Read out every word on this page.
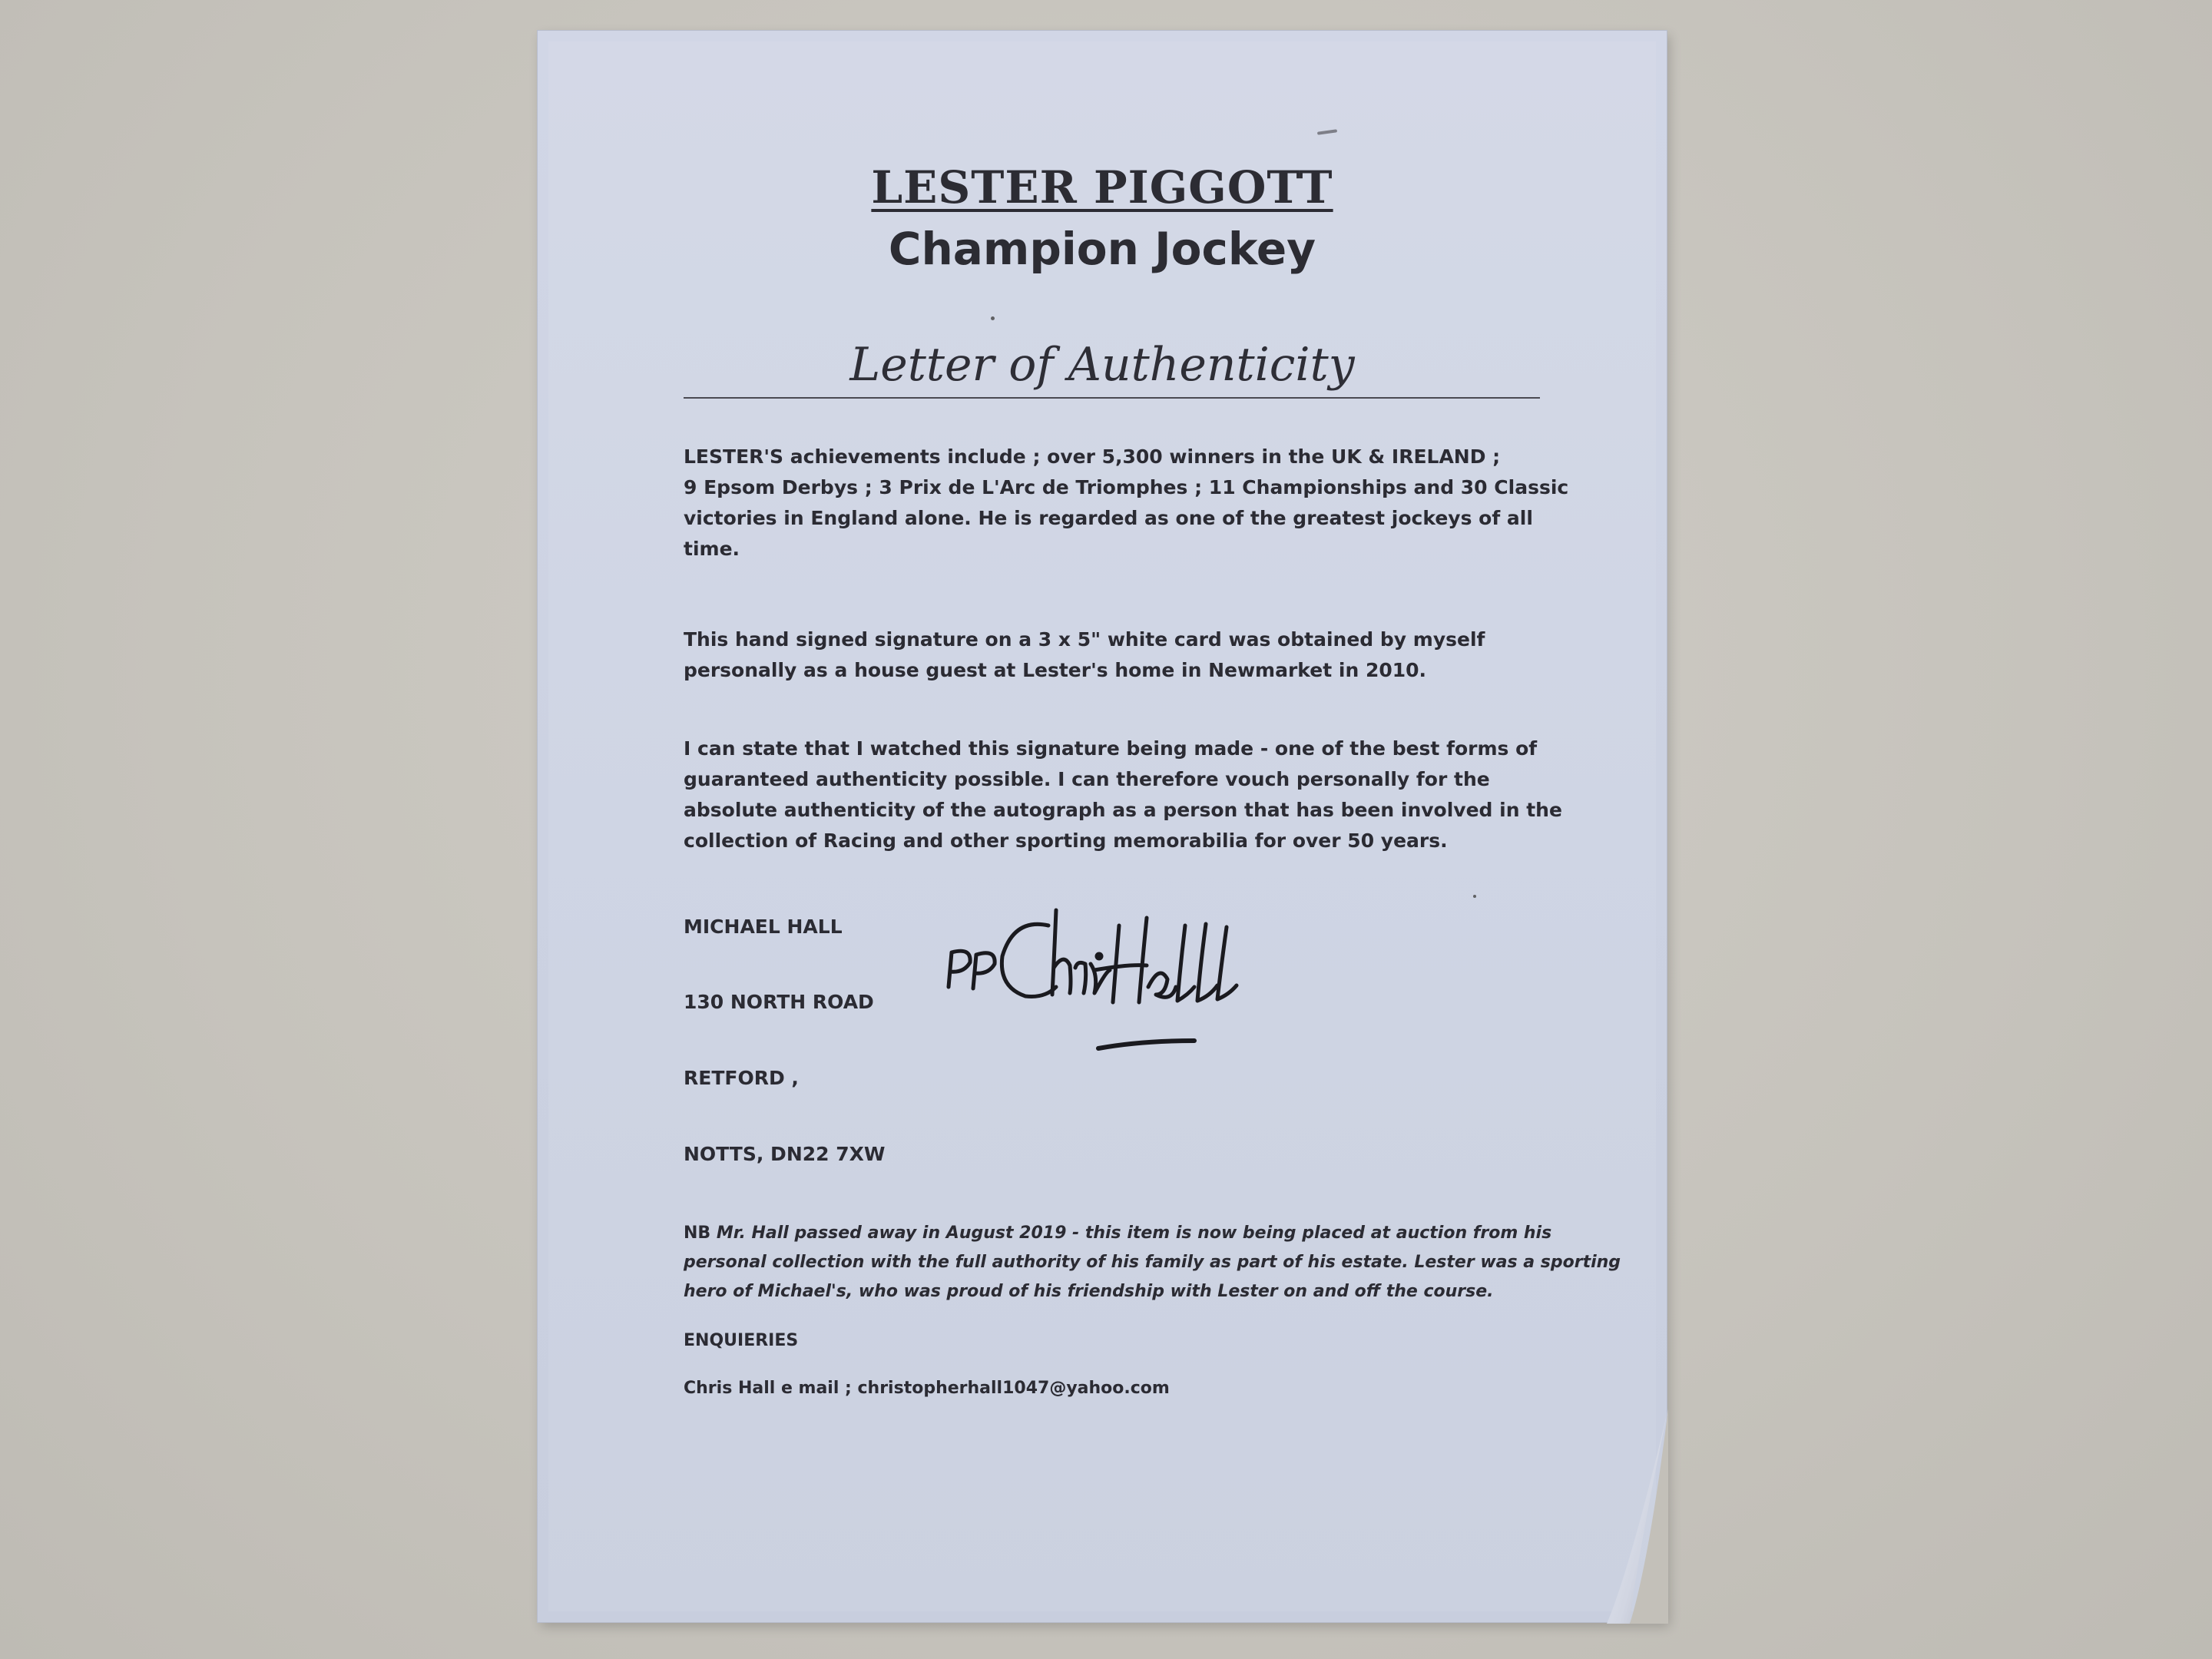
LESTER PIGGOTT
Champion Jockey
Letter of Authenticity
LESTER'S achievements include ; over 5,300 winners in the UK & IRELAND ;
9 Epsom Derbys ; 3 Prix de L'Arc de Triomphes ; 11 Championships and 30 Classic
victories in England alone. He is regarded as one of the greatest jockeys of all
time.
This hand signed signature on a 3 x 5" white card was obtained by myself
personally as a house guest at Lester's home in Newmarket in 2010.
I can state that I watched this signature being made - one of the best forms of
guaranteed authenticity possible. I can therefore vouch personally for the
absolute authenticity of the autograph as a person that has been involved in the
collection of Racing and other sporting memorabilia for over 50 years.
MICHAEL HALL
130 NORTH ROAD
RETFORD ,
NOTTS, DN22 7XW
NB Mr. Hall passed away in August 2019 - this item is now being placed at auction from his
personal collection with the full authority of his family as part of his estate. Lester was a sporting
hero of Michael's, who was proud of his friendship with Lester on and off the course.
ENQUIERIES
Chris Hall e mail ; christopherhall1047@yahoo.com
